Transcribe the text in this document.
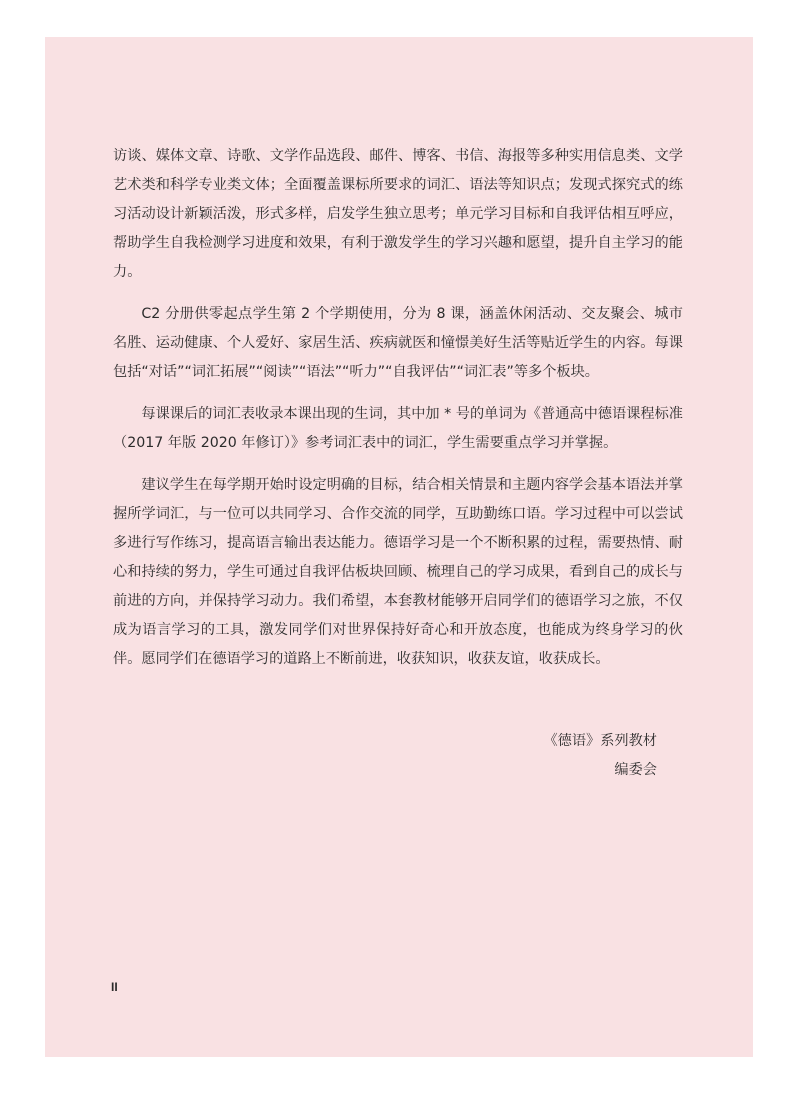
访谈、媒体文章、诗歌、文学作品选段、邮件、博客、书信、海报等多种实用信息类、文学艺术类和科学专业类文体；全面覆盖课标所要求的词汇、语法等知识点；发现式探究式的练习活动设计新颖活泼，形式多样，启发学生独立思考；单元学习目标和自我评估相互呼应，帮助学生自我检测学习进度和效果，有利于激发学生的学习兴趣和愿望，提升自主学习的能力。

C2 分册供零起点学生第 2 个学期使用，分为 8 课，涵盖休闲活动、交友聚会、城市名胜、运动健康、个人爱好、家居生活、疾病就医和憧憬美好生活等贴近学生的内容。每课包括“对话”“词汇拓展”“阅读”“语法”“听力”“自我评估”“词汇表”等多个板块。

每课课后的词汇表收录本课出现的生词，其中加 * 号的单词为《普通高中德语课程标准（2017 年版 2020 年修订）》参考词汇表中的词汇，学生需要重点学习并掌握。

建议学生在每学期开始时设定明确的目标，结合相关情景和主题内容学会基本语法并掌握所学词汇，与一位可以共同学习、合作交流的同学，互助勤练口语。学习过程中可以尝试多进行写作练习，提高语言输出表达能力。德语学习是一个不断积累的过程，需要热情、耐心和持续的努力，学生可通过自我评估板块回顾、梳理自己的学习成果，看到自己的成长与前进的方向，并保持学习动力。我们希望，本套教材能够开启同学们的德语学习之旅，不仅成为语言学习的工具，激发同学们对世界保持好奇心和开放态度，也能成为终身学习的伙伴。愿同学们在德语学习的道路上不断前进，收获知识，收获友谊，收获成长。

《德语》系列教材
编委会
II
